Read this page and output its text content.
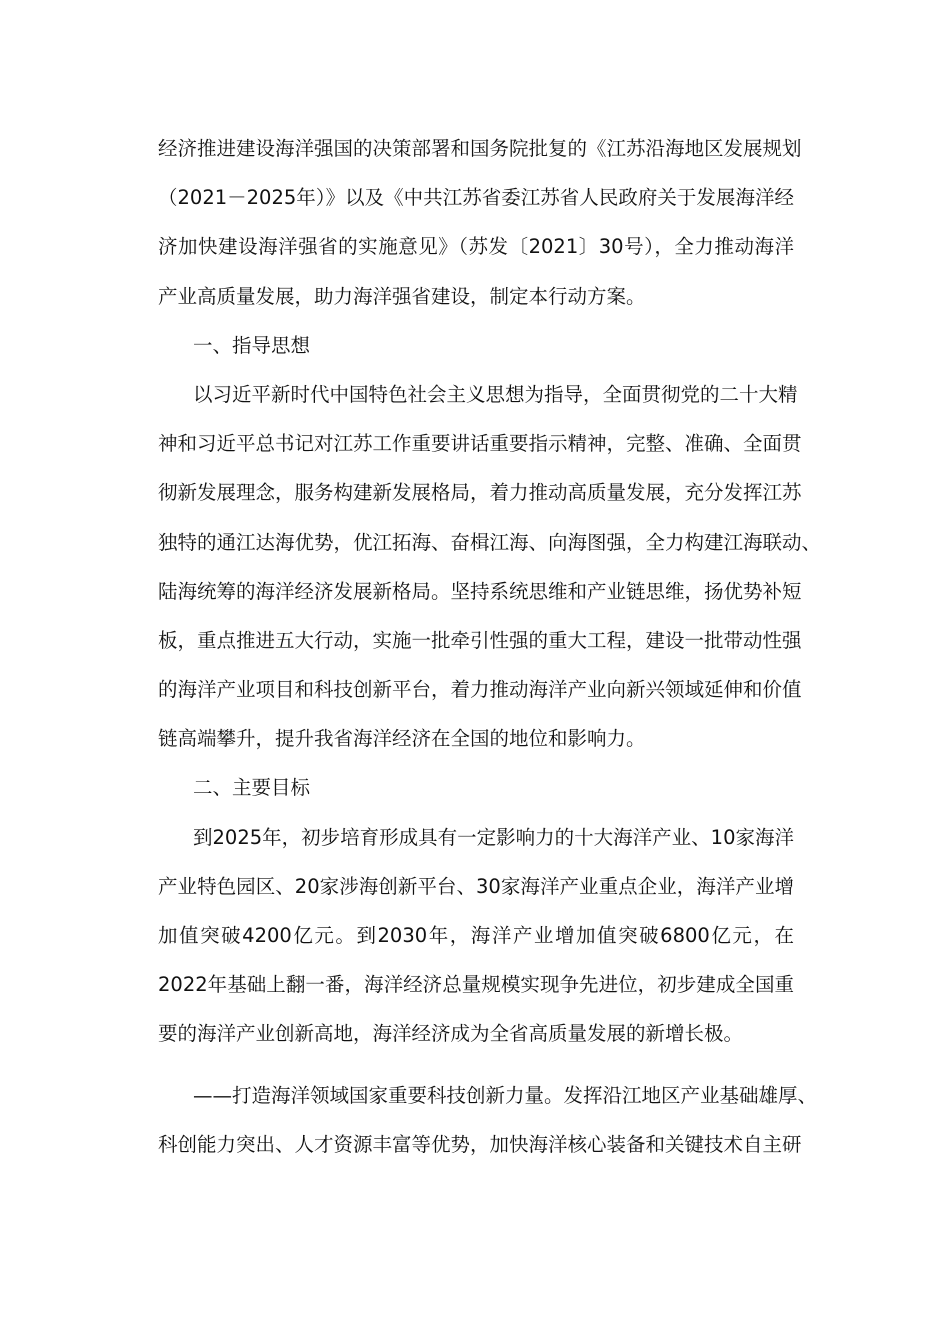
经济推进建设海洋强国的决策部署和国务院批复的《江苏沿海地区发展规划
（2021－2025年）》以及《中共江苏省委江苏省人民政府关于发展海洋经
济加快建设海洋强省的实施意见》（苏发〔2021〕30号），全力推动海洋
产业高质量发展，助力海洋强省建设，制定本行动方案。
一、指导思想
以习近平新时代中国特色社会主义思想为指导，全面贯彻党的二十大精
神和习近平总书记对江苏工作重要讲话重要指示精神，完整、准确、全面贯
彻新发展理念，服务构建新发展格局，着力推动高质量发展，充分发挥江苏
独特的通江达海优势，优江拓海、奋楫江海、向海图强，全力构建江海联动、
陆海统筹的海洋经济发展新格局。坚持系统思维和产业链思维，扬优势补短
板，重点推进五大行动，实施一批牵引性强的重大工程，建设一批带动性强
的海洋产业项目和科技创新平台，着力推动海洋产业向新兴领域延伸和价值
链高端攀升，提升我省海洋经济在全国的地位和影响力。
二、主要目标
到2025年，初步培育形成具有一定影响力的十大海洋产业、10家海洋
产业特色园区、20家涉海创新平台、30家海洋产业重点企业，海洋产业增
加值突破4200亿元。到2030年，海洋产业增加值突破6800亿元，在
2022年基础上翻一番，海洋经济总量规模实现争先进位，初步建成全国重
要的海洋产业创新高地，海洋经济成为全省高质量发展的新增长极。
——打造海洋领域国家重要科技创新力量。发挥沿江地区产业基础雄厚、
科创能力突出、人才资源丰富等优势，加快海洋核心装备和关键技术自主研
